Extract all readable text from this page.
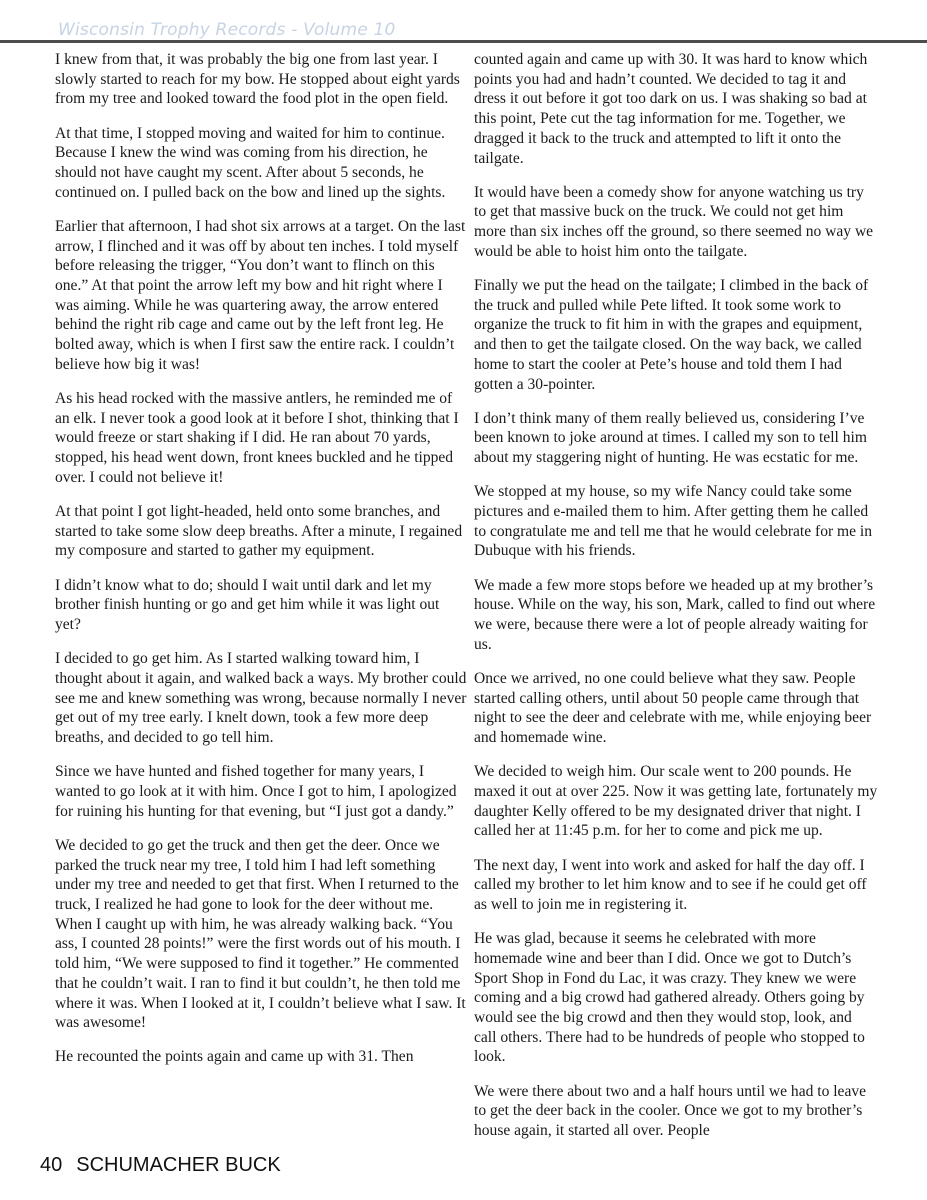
Wisconsin Trophy Records - Volume 10

I knew from that, it was probably the big one from last year. I slowly started to reach for my bow. He stopped about eight yards from my tree and looked toward the food plot in the open field.

At that time, I stopped moving and waited for him to continue. Because I knew the wind was coming from his direction, he should not have caught my scent. After about 5 seconds, he continued on. I pulled back on the bow and lined up the sights.

Earlier that afternoon, I had shot six arrows at a target. On the last arrow, I flinched and it was off by about ten inches. I told myself before releasing the trigger, “You don’t want to flinch on this one.” At that point the arrow left my bow and hit right where I was aiming. While he was quartering away, the arrow entered behind the right rib cage and came out by the left front leg. He bolted away, which is when I first saw the entire rack. I couldn’t believe how big it was!

As his head rocked with the massive antlers, he reminded me of an elk. I never took a good look at it before I shot, thinking that I would freeze or start shaking if I did. He ran about 70 yards, stopped, his head went down, front knees buckled and he tipped over. I could not believe it!

At that point I got light-headed, held onto some branches, and started to take some slow deep breaths. After a minute, I regained my composure and started to gather my equipment.

I didn’t know what to do; should I wait until dark and let my brother finish hunting or go and get him while it was light out yet?

I decided to go get him. As I started walking toward him, I thought about it again, and walked back a ways. My brother could see me and knew something was wrong, because normally I never get out of my tree early. I knelt down, took a few more deep breaths, and decided to go tell him.

Since we have hunted and fished together for many years, I wanted to go look at it with him. Once I got to him, I apologized for ruining his hunting for that evening, but “I just got a dandy.”

We decided to go get the truck and then get the deer. Once we parked the truck near my tree, I told him I had left something under my tree and needed to get that first. When I returned to the truck, I realized he had gone to look for the deer without me. When I caught up with him, he was already walking back. “You ass, I counted 28 points!” were the first words out of his mouth. I told him, “We were supposed to find it together.” He commented that he couldn’t wait. I ran to find it but couldn’t, he then told me where it was. When I looked at it, I couldn’t believe what I saw. It was awesome!

He recounted the points again and came up with 31. Then

counted again and came up with 30. It was hard to know which points you had and hadn’t counted. We decided to tag it and dress it out before it got too dark on us. I was shaking so bad at this point, Pete cut the tag information for me. Together, we dragged it back to the truck and attempted to lift it onto the tailgate.

It would have been a comedy show for anyone watching us try to get that massive buck on the truck. We could not get him more than six inches off the ground, so there seemed no way we would be able to hoist him onto the tailgate.

Finally we put the head on the tailgate; I climbed in the back of the truck and pulled while Pete lifted. It took some work to organize the truck to fit him in with the grapes and equipment, and then to get the tailgate closed. On the way back, we called home to start the cooler at Pete’s house and told them I had gotten a 30-pointer.

I don’t think many of them really believed us, considering I’ve been known to joke around at times. I called my son to tell him about my staggering night of hunting. He was ecstatic for me.

We stopped at my house, so my wife Nancy could take some pictures and e-mailed them to him. After getting them he called to congratulate me and tell me that he would celebrate for me in Dubuque with his friends.

We made a few more stops before we headed up at my brother’s house. While on the way, his son, Mark, called to find out where we were, because there were a lot of people already waiting for us.

Once we arrived, no one could believe what they saw. People started calling others, until about 50 people came through that night to see the deer and celebrate with me, while enjoying beer and homemade wine.

We decided to weigh him. Our scale went to 200 pounds. He maxed it out at over 225. Now it was getting late, fortunately my daughter Kelly offered to be my designated driver that night. I called her at 11:45 p.m. for her to come and pick me up.

The next day, I went into work and asked for half the day off. I called my brother to let him know and to see if he could get off as well to join me in registering it.

He was glad, because it seems he celebrated with more homemade wine and beer than I did. Once we got to Dutch’s Sport Shop in Fond du Lac, it was crazy. They knew we were coming and a big crowd had gathered already. Others going by would see the big crowd and then they would stop, look, and call others. There had to be hundreds of people who stopped to look.

We were there about two and a half hours until we had to leave to get the deer back in the cooler. Once we got to my brother’s house again, it started all over. People

40 SCHUMACHER BUCK
